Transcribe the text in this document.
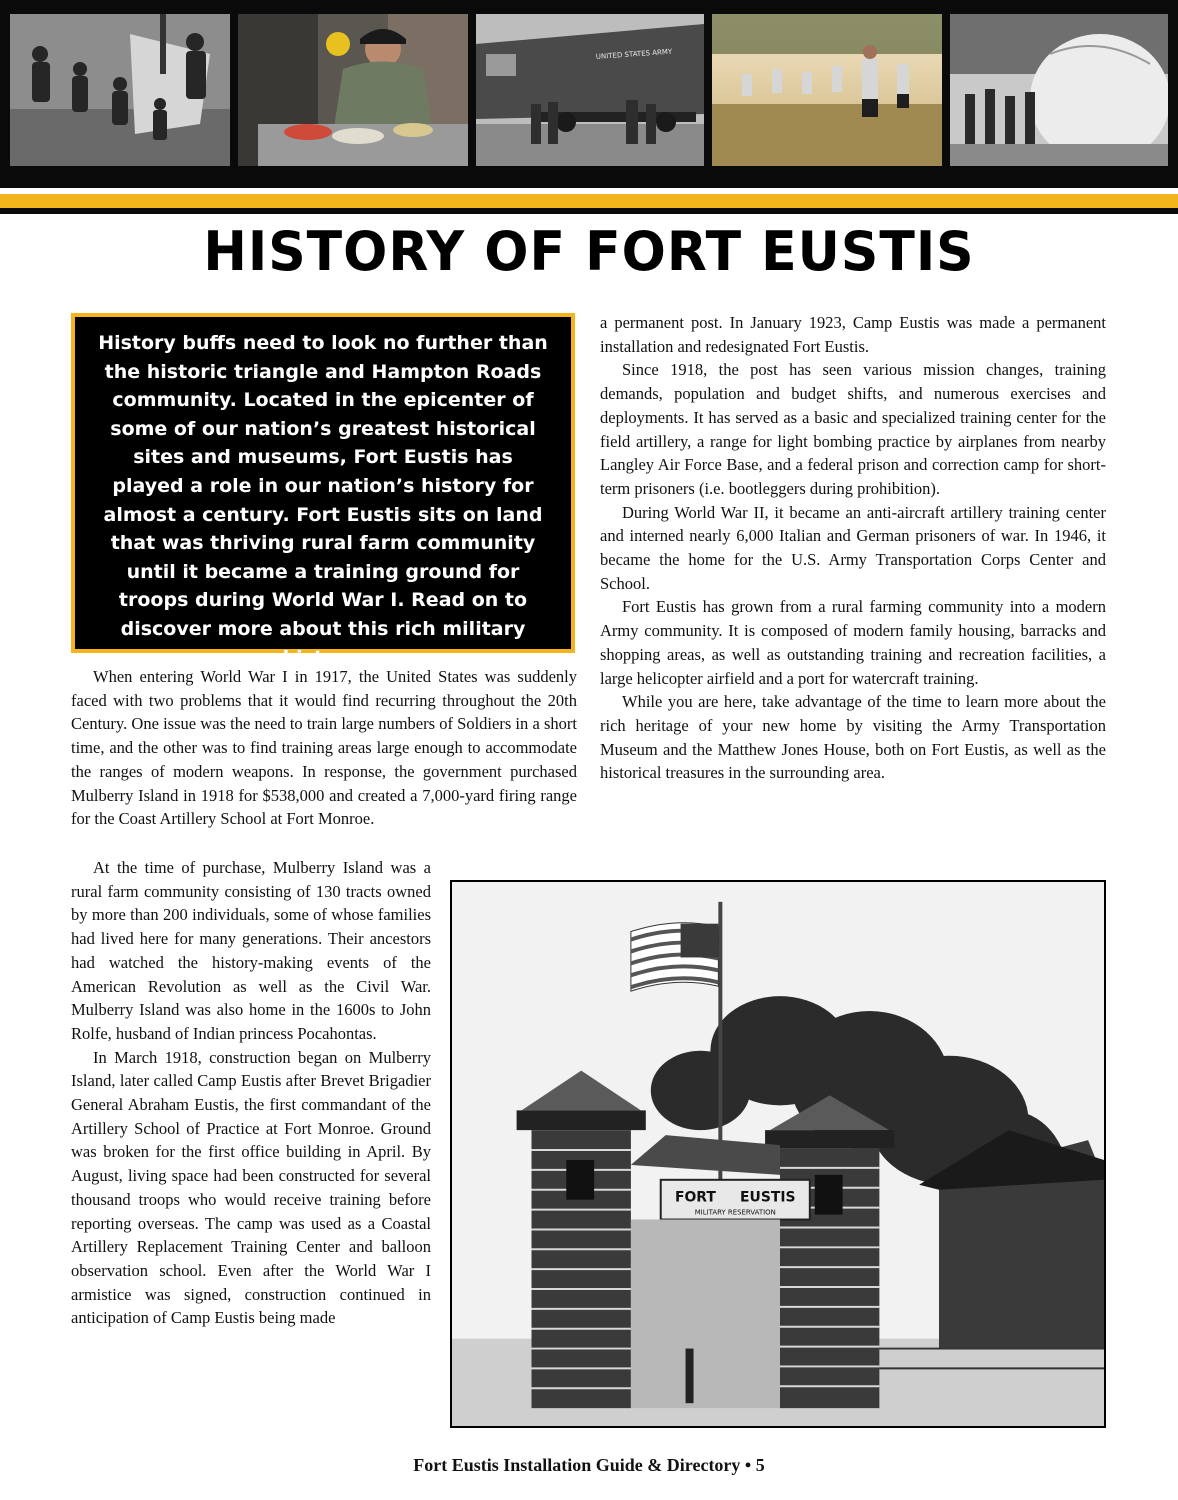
UNITED STATES ARMY
HISTORY OF FORT EUSTIS

History buffs need to look no further than the historic triangle and Hampton Roads community. Located in the epicenter of some of our nation’s greatest historical sites and museums, Fort Eustis has played a role in our nation’s history for almost a century. Fort Eustis sits on land that was thriving rural farm community until it became a training ground for troops during World War I. Read on to discover more about this rich military history.

When entering World War I in 1917, the United States was suddenly faced with two problems that it would find recurring throughout the 20th Century. One issue was the need to train large numbers of Soldiers in a short time, and the other was to find training areas large enough to accommodate the ranges of modern weapons. In response, the government purchased Mulberry Island in 1918 for $538,000 and created a 7,000-yard firing range for the Coast Artillery School at Fort Monroe.

At the time of purchase, Mulberry Island was a rural farm community consisting of 130 tracts owned by more than 200 individuals, some of whose families had lived here for many generations. Their ancestors had watched the history-making events of the American Revolution as well as the Civil War. Mulberry Island was also home in the 1600s to John Rolfe, husband of Indian princess Pocahontas.

In March 1918, construction began on Mulberry Island, later called Camp Eustis after Brevet Brigadier General Abraham Eustis, the first commandant of the Artillery School of Practice at Fort Monroe. Ground was broken for the first office building in April. By August, living space had been constructed for several thousand troops who would receive training before reporting overseas. The camp was used as a Coastal Artillery Replacement Training Center and balloon observation school. Even after the World War I armistice was signed, construction continued in anticipation of Camp Eustis being made

a permanent post. In January 1923, Camp Eustis was made a permanent installation and redesignated Fort Eustis.

Since 1918, the post has seen various mission changes, training demands, population and budget shifts, and numerous exercises and deployments. It has served as a basic and specialized training center for the field artillery, a range for light bombing practice by airplanes from nearby Langley Air Force Base, and a federal prison and correction camp for short-term prisoners (i.e. bootleggers during prohibition).

During World War II, it became an anti-aircraft artillery training center and interned nearly 6,000 Italian and German prisoners of war. In 1946, it became the home for the U.S. Army Transportation Corps Center and School.

Fort Eustis has grown from a rural farming community into a modern Army community. It is composed of modern family housing, barracks and shopping areas, as well as outstanding training and recreation facilities, a large helicopter airfield and a port for watercraft training.

While you are here, take advantage of the time to learn more about the rich heritage of your new home by visiting the Army Transportation Museum and the Matthew Jones House, both on Fort Eustis, as well as the historical treasures in the surrounding area.

FORT     EUSTIS
MILITARY RESERVATION
Fort Eustis Installation Guide & Directory • 5
